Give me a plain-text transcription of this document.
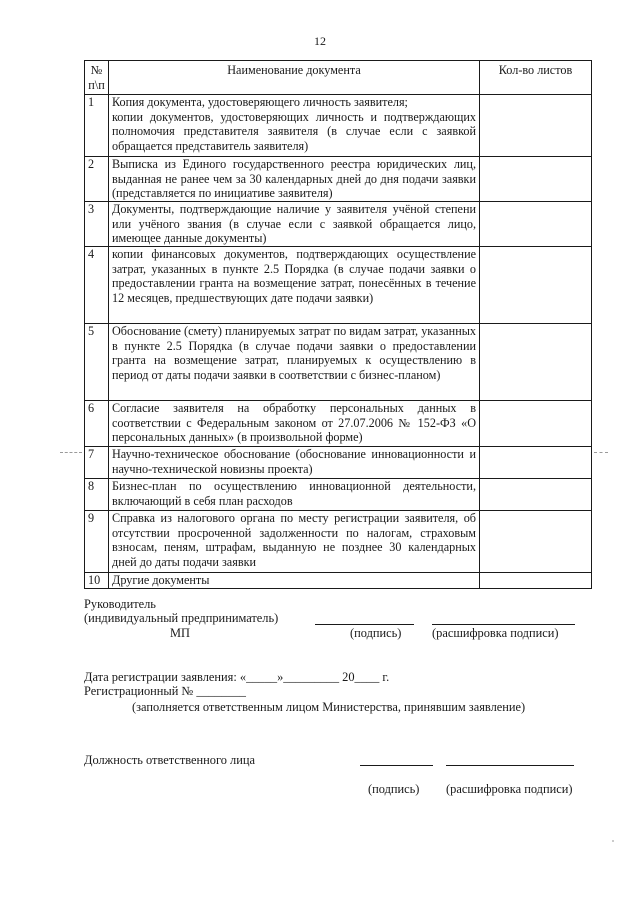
12
№
п\п	Наименование документа	Кол-во листов
1	Копия документа, удостоверяющего личность заявителя;
копии документов, удостоверяющих личность и подтверждающих полномочия представителя заявителя (в случае если с заявкой обращается представитель заявителя)	
2	Выписка из Единого государственного реестра юридических лиц, выданная не ранее чем за 30 календарных дней до дня подачи заявки (представляется по инициативе заявителя)	
3	Документы, подтверждающие наличие у заявителя учёной степени или учёного звания (в случае если с заявкой обращается лицо, имеющее данные документы)	
4	копии финансовых документов, подтверждающих осуществление затрат, указанных в пункте 2.5 Порядка (в случае подачи заявки о предоставлении гранта на возмещение затрат, понесённых в течение 12 месяцев, предшествующих дате подачи заявки)	
5	Обоснование (смету) планируемых затрат по видам затрат, указанных в пункте 2.5 Порядка (в случае подачи заявки о предоставлении гранта на возмещение затрат, планируемых к осуществлению в период от даты подачи заявки в соответствии с бизнес-планом)	
6	Согласие заявителя на обработку персональных данных в соответствии с Федеральным законом от 27.07.2006 № 152-ФЗ «О персональных данных» (в произвольной форме)	
7	Научно-техническое обоснование (обоснование инновационности и научно-технической новизны проекта)	
8	Бизнес-план по осуществлению инновационной деятельности, включающий в себя план расходов	
9	Справка из налогового органа по месту регистрации заявителя, об отсутствии просроченной задолженности по налогам, страховым взносам, пеням, штрафам, выданную не позднее 30 календарных дней до даты подачи заявки	
10	Другие документы	
Руководитель
(индивидуальный предприниматель)
МП	(подпись) (расшифровка подписи)
Дата регистрации заявления: «_____»_________ 20____ г.
Регистрационный № ________
(заполняется ответственным лицом Министерства, принявшим заявление)
Должность ответственного лица
(подпись) (расшифровка подписи)
